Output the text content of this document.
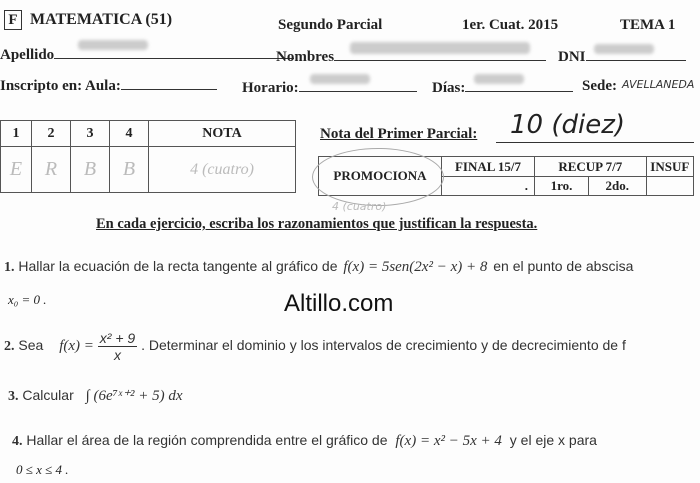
F MATEMATICA (51)	Segundo Parcial	1er. Cuat. 2015	TEMA 1
Apellido	Nombres	DNI
Inscripto en: Aula:	Horario:	Días:	Sede: AVELLANEDA
1	2	3	4	NOTA
E	R	B	B	4 (cuatro)
Nota del Primer Parcial: 10 (diez)
PROMOCIONA	FINAL 15/7	RECUP 7/7		INSUF
	.	1ro.	2do.	
4 (cuatro)
En cada ejercicio, escriba los razonamientos que justifican la respuesta.
1. Hallar la ecuación de la recta tangente al gráfico de f(x) = 5sen(2x² − x) + 8 en el punto de abscisa
x₀ = 0 .	Altillo.com
2. Sea $f(x) = \frac{\text{x² + 9}}{x}$ . Determinar el dominio y los intervalos de crecimiento y de decrecimiento de f
3. Calcular ∫ (6e⁷ˣ⁺² + 5) dx
4. Hallar el área de la región comprendida entre el gráfico de f(x) = x² − 5x + 4 y el eje x para
0 ≤ x ≤ 4 .
